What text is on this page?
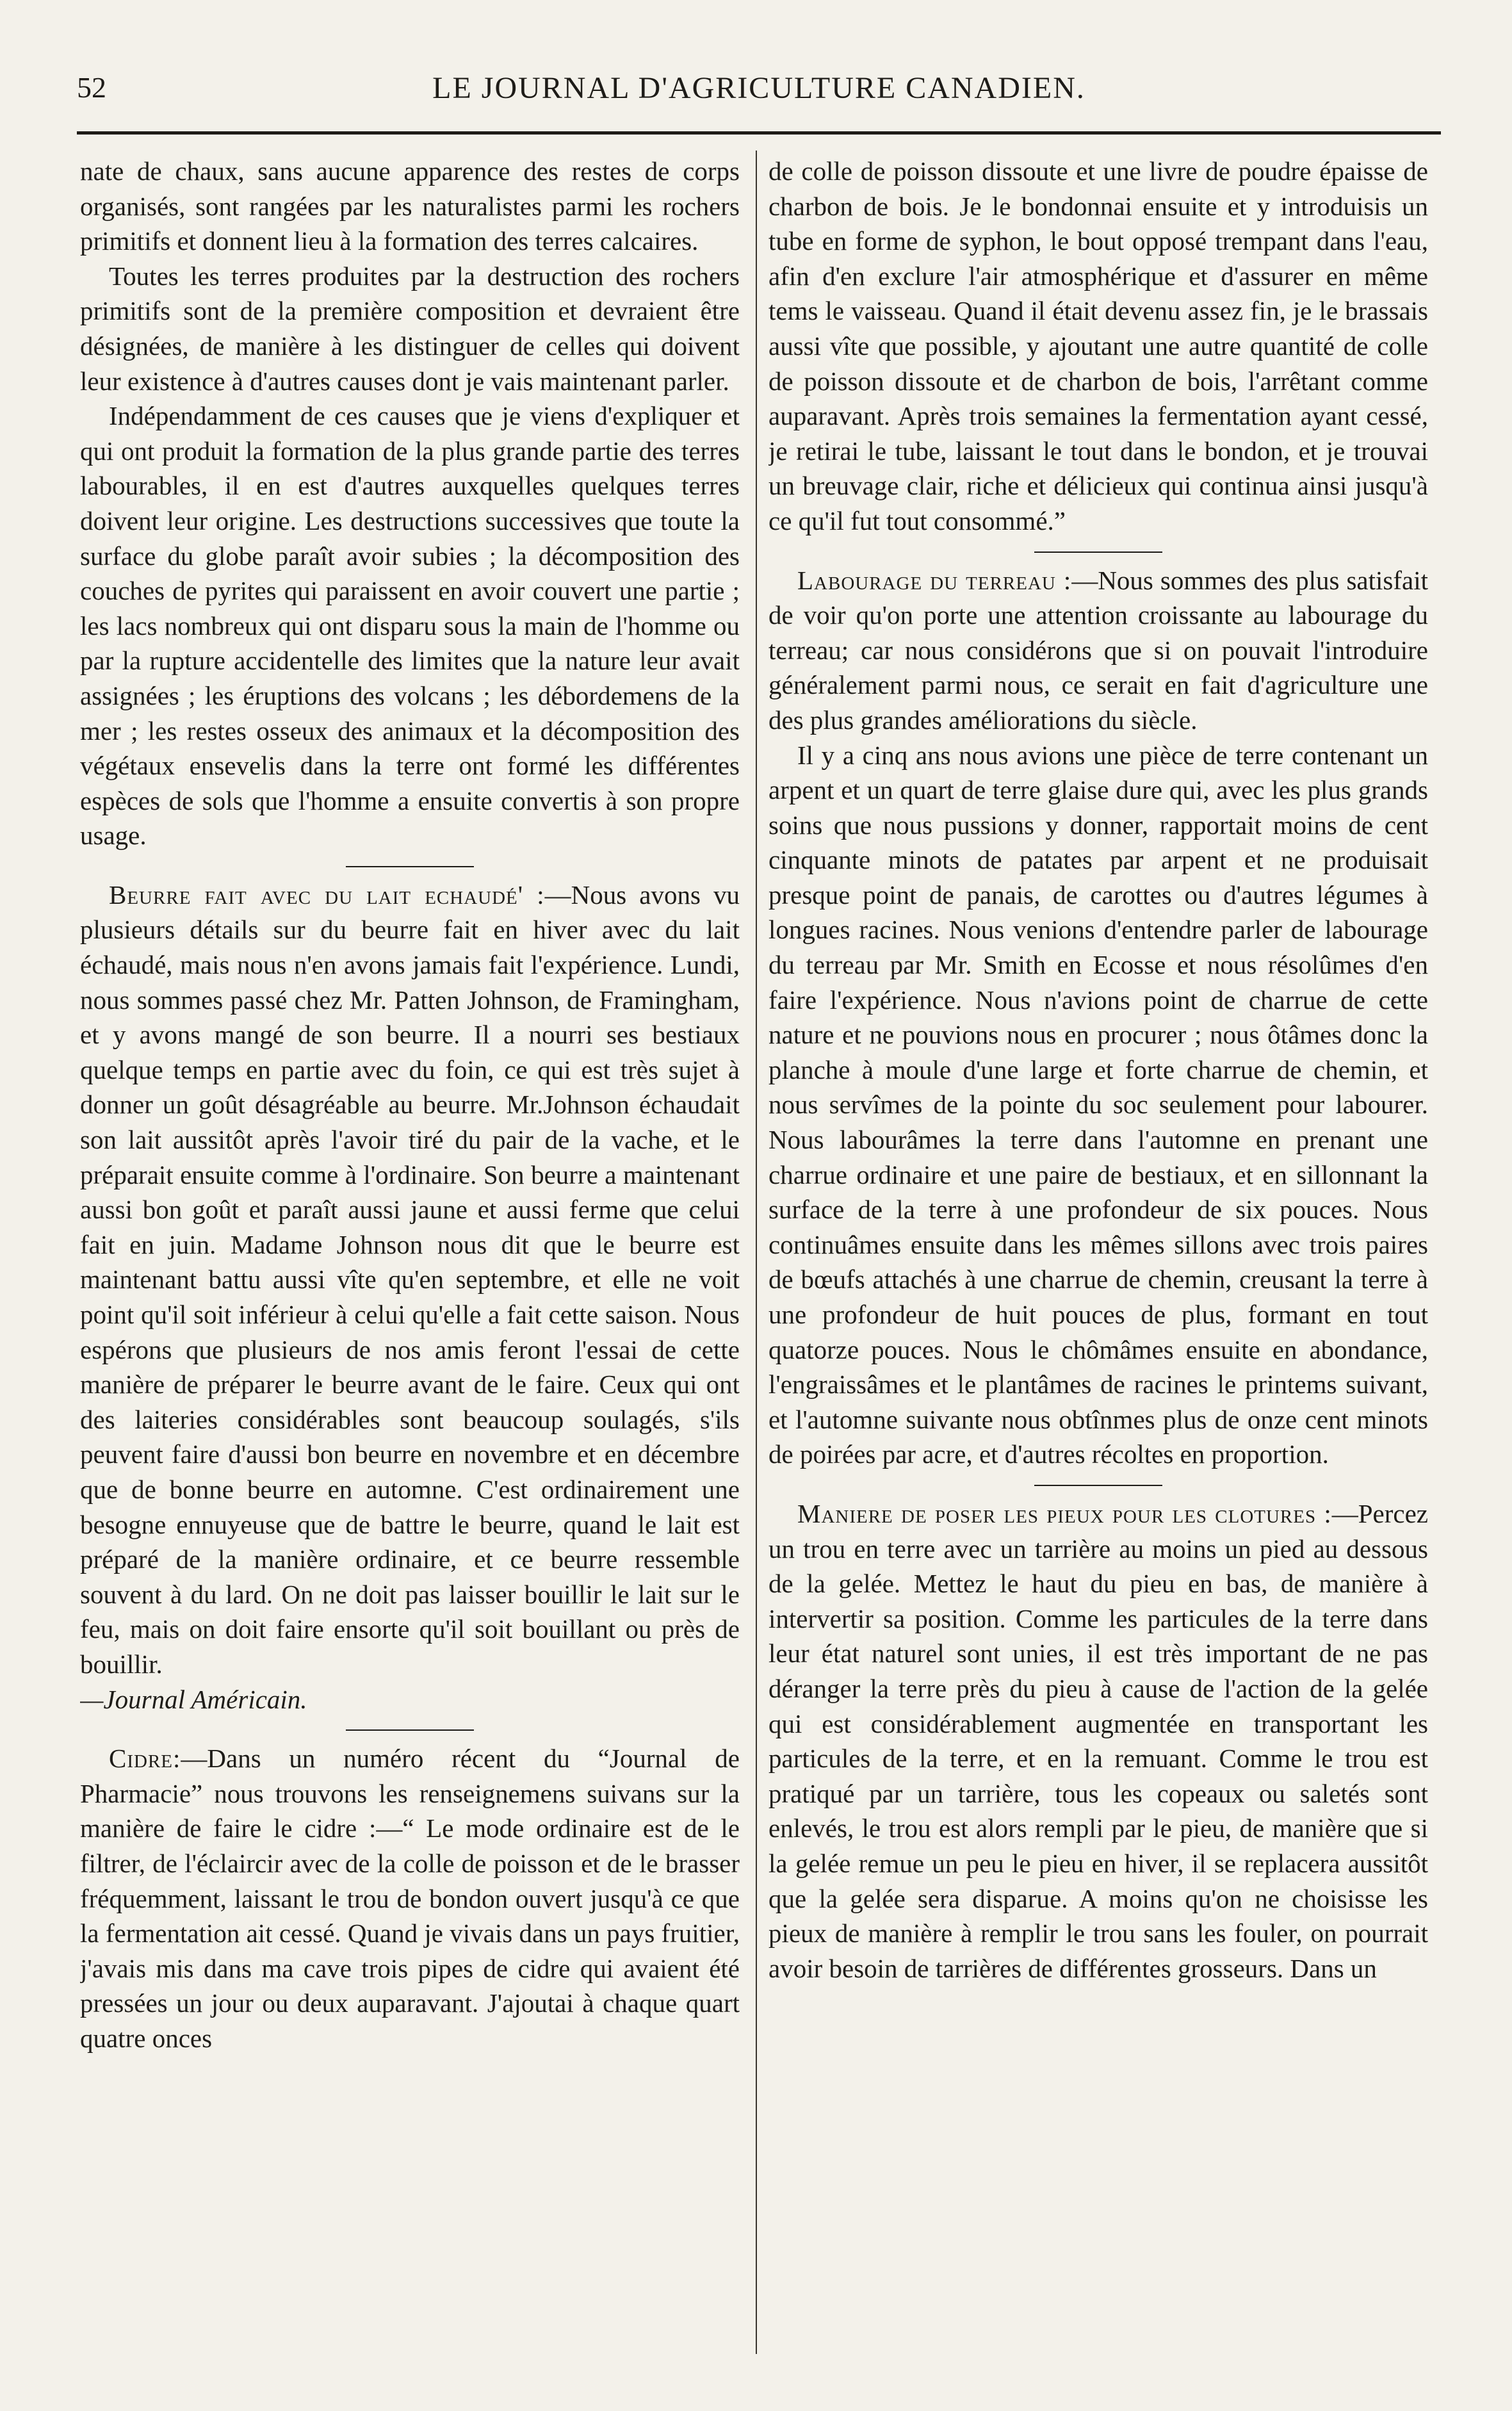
52	LE JOURNAL D'AGRICULTURE CANADIEN.

nate de chaux, sans aucune apparence des restes de corps organisés, sont rangées par les naturalistes parmi les rochers primitifs et donnent lieu à la formation des terres calcaires.

Toutes les terres produites par la destruction des rochers primitifs sont de la première composition et devraient être désignées, de manière à les distinguer de celles qui doivent leur existence à d'autres causes dont je vais maintenant parler.

Indépendamment de ces causes que je viens d'expliquer et qui ont produit la formation de la plus grande partie des terres labourables, il en est d'autres auxquelles quelques terres doivent leur origine. Les destructions successives que toute la surface du globe paraît avoir subies ; la décomposition des couches de pyrites qui paraissent en avoir couvert une partie ; les lacs nombreux qui ont disparu sous la main de l'homme ou par la rupture accidentelle des limites que la nature leur avait assignées ; les éruptions des volcans ; les débordemens de la mer ; les restes osseux des animaux et la décomposition des végétaux ensevelis dans la terre ont formé les différentes espèces de sols que l'homme a ensuite convertis à son propre usage.

Beurre fait avec du lait echaudé' :—Nous avons vu plusieurs détails sur du beurre fait en hiver avec du lait échaudé, mais nous n'en avons jamais fait l'expérience. Lundi, nous sommes passé chez Mr. Patten Johnson, de Framingham, et y avons mangé de son beurre. Il a nourri ses bestiaux quelque temps en partie avec du foin, ce qui est très sujet à donner un goût désagréable au beurre. Mr.Johnson échaudait son lait aussitôt après l'avoir tiré du pair de la vache, et le préparait ensuite comme à l'ordinaire. Son beurre a maintenant aussi bon goût et paraît aussi jaune et aussi ferme que celui fait en juin. Madame Johnson nous dit que le beurre est maintenant battu aussi vîte qu'en septembre, et elle ne voit point qu'il soit inférieur à celui qu'elle a fait cette saison. Nous espérons que plusieurs de nos amis feront l'essai de cette manière de préparer le beurre avant de le faire. Ceux qui ont des laiteries considérables sont beaucoup soulagés, s'ils peuvent faire d'aussi bon beurre en novembre et en décembre que de bonne beurre en automne. C'est ordinairement une besogne ennuyeuse que de battre le beurre, quand le lait est préparé de la manière ordinaire, et ce beurre ressemble souvent à du lard. On ne doit pas laisser bouillir le lait sur le feu, mais on doit faire ensorte qu'il soit bouillant ou près de bouillir.

—Journal Américain.

Cidre:—Dans un numéro récent du “Journal de Pharmacie” nous trouvons les renseignemens suivans sur la manière de faire le cidre :—“ Le mode ordinaire est de le filtrer, de l'éclaircir avec de la colle de poisson et de le brasser fréquemment, laissant le trou de bondon ouvert jusqu'à ce que la fermentation ait cessé. Quand je vivais dans un pays fruitier, j'avais mis dans ma cave trois pipes de cidre qui avaient été pressées un jour ou deux auparavant. J'ajoutai à chaque quart quatre onces

de colle de poisson dissoute et une livre de poudre épaisse de charbon de bois. Je le bondonnai ensuite et y introduisis un tube en forme de syphon, le bout opposé trempant dans l'eau, afin d'en exclure l'air atmosphérique et d'assurer en même tems le vaisseau. Quand il était devenu assez fin, je le brassais aussi vîte que possible, y ajoutant une autre quantité de colle de poisson dissoute et de charbon de bois, l'arrêtant comme auparavant. Après trois semaines la fermentation ayant cessé, je retirai le tube, laissant le tout dans le bondon, et je trouvai un breuvage clair, riche et délicieux qui continua ainsi jusqu'à ce qu'il fut tout consommé.”

Labourage du terreau :—Nous sommes des plus satisfait de voir qu'on porte une attention croissante au labourage du terreau; car nous considérons que si on pouvait l'introduire généralement parmi nous, ce serait en fait d'agriculture une des plus grandes améliorations du siècle.

Il y a cinq ans nous avions une pièce de terre contenant un arpent et un quart de terre glaise dure qui, avec les plus grands soins que nous pussions y donner, rapportait moins de cent cinquante minots de patates par arpent et ne produisait presque point de panais, de carottes ou d'autres légumes à longues racines. Nous venions d'entendre parler de labourage du terreau par Mr. Smith en Ecosse et nous résolûmes d'en faire l'expérience. Nous n'avions point de charrue de cette nature et ne pouvions nous en procurer ; nous ôtâmes donc la planche à moule d'une large et forte charrue de chemin, et nous servîmes de la pointe du soc seulement pour labourer. Nous labourâmes la terre dans l'automne en prenant une charrue ordinaire et une paire de bestiaux, et en sillonnant la surface de la terre à une profondeur de six pouces. Nous continuâmes ensuite dans les mêmes sillons avec trois paires de bœufs attachés à une charrue de chemin, creusant la terre à une profondeur de huit pouces de plus, formant en tout quatorze pouces. Nous le chômâmes ensuite en abondance, l'engraissâmes et le plantâmes de racines le printems suivant, et l'automne suivante nous obtînmes plus de onze cent minots de poirées par acre, et d'autres récoltes en proportion.

Maniere de poser les pieux pour les clotures :—Percez un trou en terre avec un tarrière au moins un pied au dessous de la gelée. Mettez le haut du pieu en bas, de manière à intervertir sa position. Comme les particules de la terre dans leur état naturel sont unies, il est très important de ne pas déranger la terre près du pieu à cause de l'action de la gelée qui est considérablement augmentée en transportant les particules de la terre, et en la remuant. Comme le trou est pratiqué par un tarrière, tous les copeaux ou saletés sont enlevés, le trou est alors rempli par le pieu, de manière que si la gelée remue un peu le pieu en hiver, il se replacera aussitôt que la gelée sera disparue. A moins qu'on ne choisisse les pieux de manière à remplir le trou sans les fouler, on pourrait avoir besoin de tarrières de différentes grosseurs. Dans un
